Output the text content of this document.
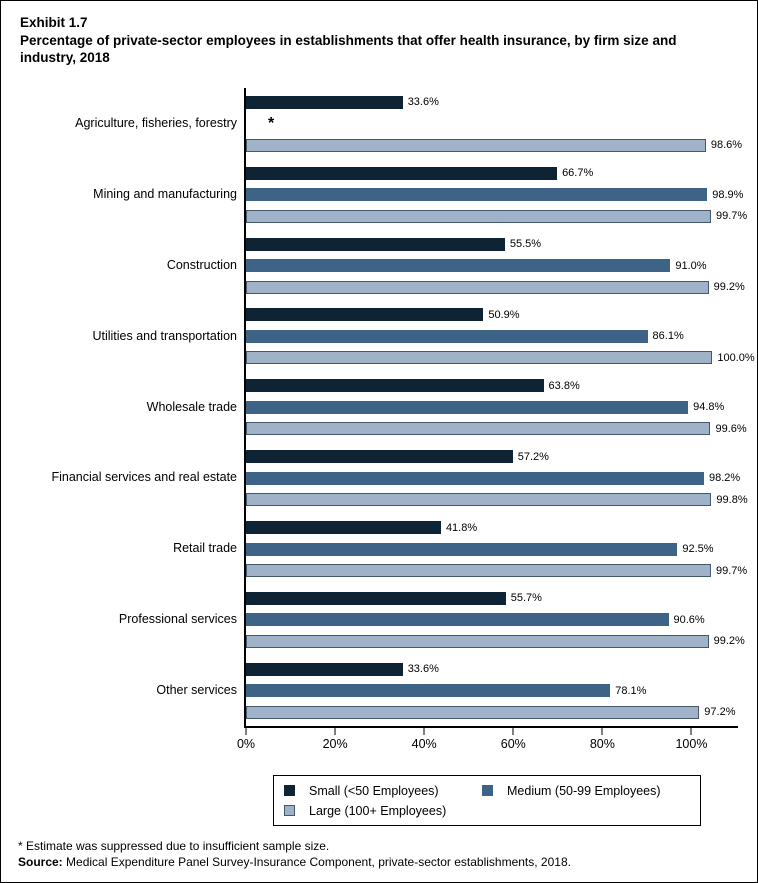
Exhibit 1.7
Percentage of private-sector employees in establishments that offer health insurance, by firm size and industry, 2018
Agriculture, fisheries, forestry
33.6%
*
98.6%
Mining and manufacturing
66.7%
98.9%
99.7%
Construction
55.5%
91.0%
99.2%
Utilities and transportation
50.9%
86.1%
100.0%
Wholesale trade
63.8%
94.8%
99.6%
Financial services and real estate
57.2%
98.2%
99.8%
Retail trade
41.8%
92.5%
99.7%
Professional services
55.7%
90.6%
99.2%
Other services
33.6%
78.1%
97.2%
0%	20%	40%	60%	80%	100%
Small (<50 Employees)	Medium (50-99 Employees)
Large (100+ Employees)
* Estimate was suppressed due to insufficient sample size.
Source: Medical Expenditure Panel Survey-Insurance Component, private-sector establishments, 2018.
